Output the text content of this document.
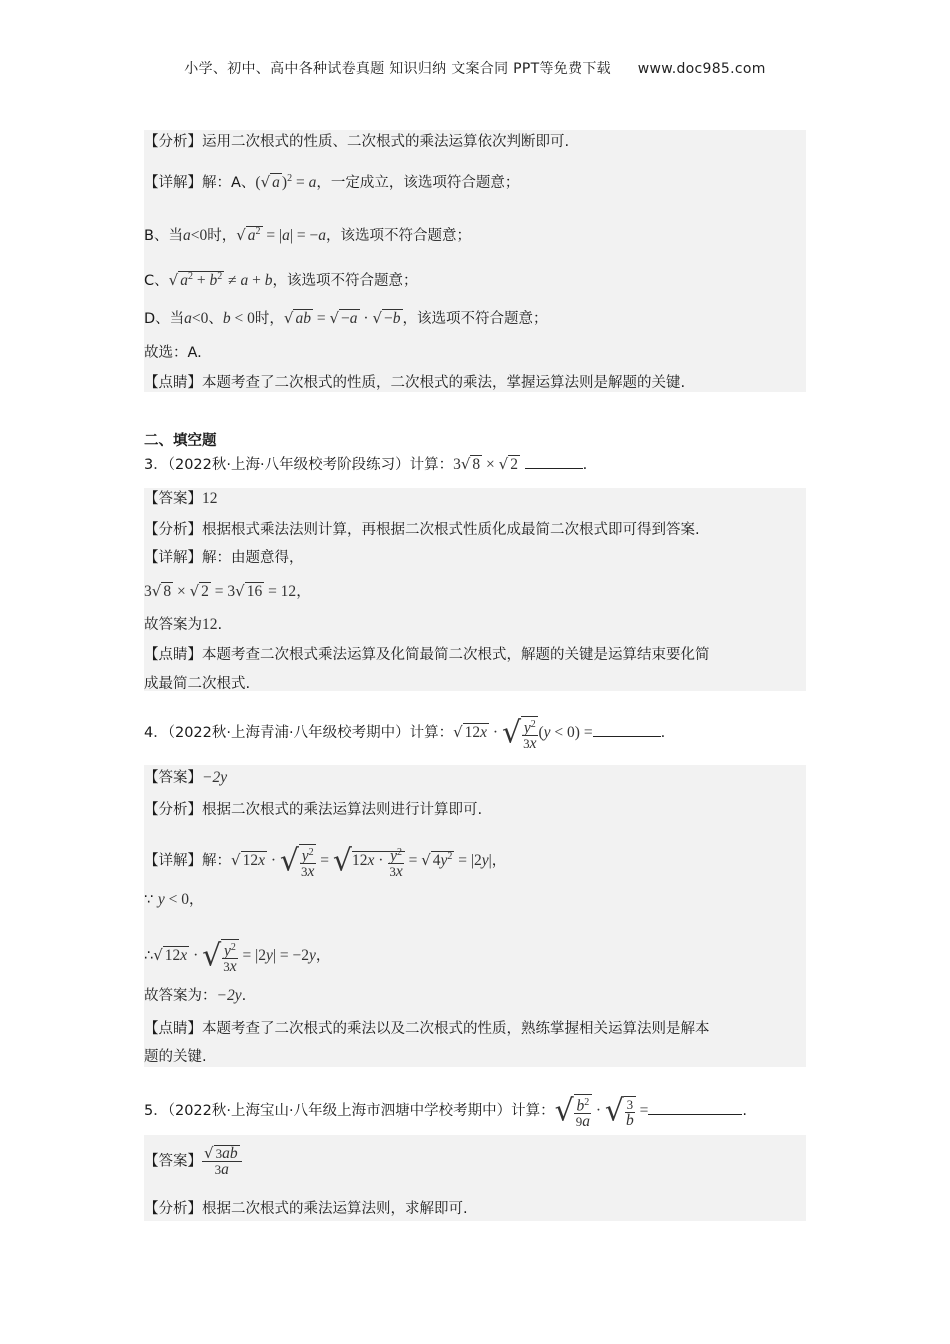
小学、初中、高中各种试卷真题 知识归纳 文案合同 PPT等免费下载 www.doc985.com
【分析】运用二次根式的性质、二次根式的乘法运算依次判断即可.
【详解】解：A、(√ a )$^2$ = a，一定成立，该选项符合题意；
B、当a<0时，√ $a^2 = |a| = -a$，该选项不符合题意；
C、√ $a^2 + b^2 \ne a + b$，该选项不符合题意；
D、当a<0、b < 0时，√ ab = √ −a · √ −b ，该选项不符合题意；
故选：A.
【点睛】本题考查了二次根式的性质，二次根式的乘法，掌握运算法则是解题的关键.
二、填空题
3．（2022秋·上海·八年级校考阶段练习）计算：3√ 8 × √ 2	.
【答案】12
【分析】根据根式乘法法则计算，再根据二次根式性质化成最简二次根式即可得到答案.
【详解】解：由题意得，
3√ 8 × √ 2 = 3√ 16 = 12，
故答案为12.
【点睛】本题考查二次根式乘法运算及化简最简二次根式，解题的关键是运算结束要化简
成最简二次根式.
4．（2022秋·上海青浦·八年级校考期中）计算：√ 12x · √ $\frac{y^2}{3x} (y < 0)$ =	.
【答案】−2y
【分析】根据二次根式的乘法运算法则进行计算即可.
【详解】解：√ 12x · √ $\frac{y^2}{3x} = √12x \cdot \frac{y^2}{3x}$ = √ $4y^2 = |2y|$，
∵ y < 0，
∴√ 12x · √ $\frac{y^2}{3x} = |2y| = -2y$，
故答案为：−2y.
【点睛】本题考查了二次根式的乘法以及二次根式的性质，熟练掌握相关运算法则是解本
题的关键.
5．（2022秋·上海宝山·八年级上海市泗塘中学校考期中）计算：√ $\frac{b^2}{9a}$ · √ $\frac{3}{b}$ =	.
【答案】 $\frac{√ 3ab}{3a}$
【分析】根据二次根式的乘法运算法则，求解即可.
